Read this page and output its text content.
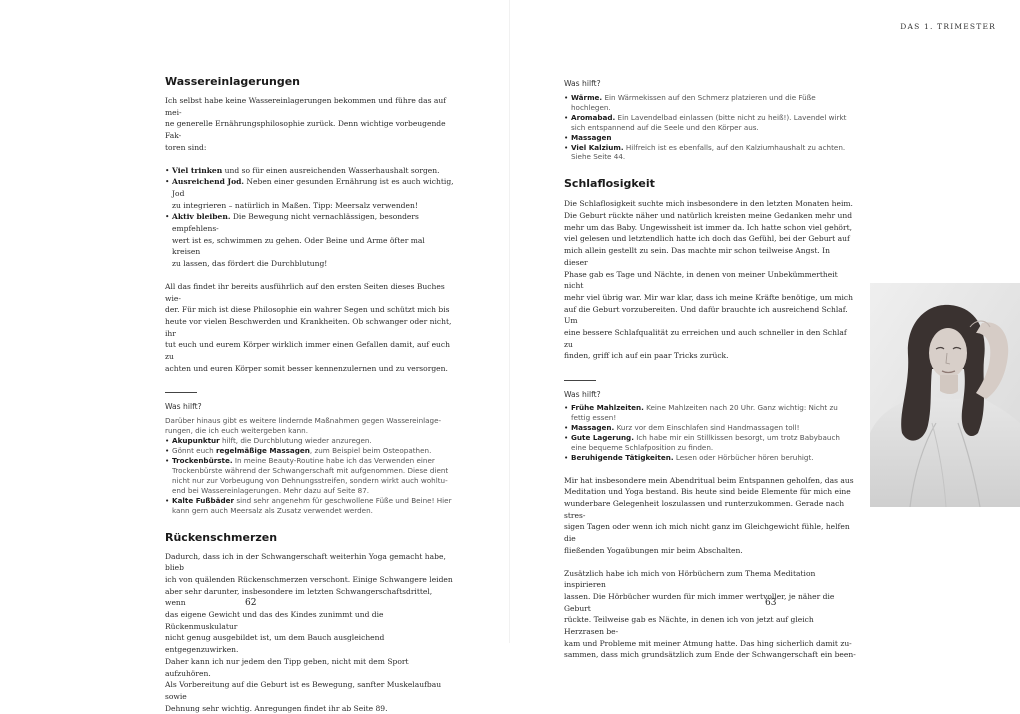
Wassereinlagerungen

Ich selbst habe keine Wassereinlagerungen bekommen und führe das auf mei-
ne generelle Ernährungsphilosophie zurück. Denn wichtige vorbeugende Fak-
toren sind:

• Viel trinken und so für einen ausreichenden Wasserhaushalt sorgen.
• Ausreichend Jod. Neben einer gesunden Ernährung ist es auch wichtig, Jod
zu integrieren – natürlich in Maßen. Tipp: Meersalz verwenden!
• Aktiv bleiben. Die Bewegung nicht vernachlässigen, besonders empfehlens-
wert ist es, schwimmen zu gehen. Oder Beine und Arme öfter mal kreisen
zu lassen, das fördert die Durchblutung!

All das findet ihr bereits ausführlich auf den ersten Seiten dieses Buches wie-
der. Für mich ist diese Philosophie ein wahrer Segen und schützt mich bis
heute vor vielen Beschwerden und Krankheiten. Ob schwanger oder nicht, ihr
tut euch und eurem Körper wirklich immer einen Gefallen damit, auf euch zu
achten und euren Körper somit besser kennenzulernen und zu versorgen.

Was hilft?

Darüber hinaus gibt es weitere lindernde Maßnahmen gegen Wassereinlage-
rungen, die ich euch weitergeben kann.

• Akupunktur hilft, die Durchblutung wieder anzuregen.
• Gönnt euch regelmäßige Massagen, zum Beispiel beim Osteopathen.
• Trockenbürste. In meine Beauty-Routine habe ich das Verwenden einer
Trockenbürste während der Schwangerschaft mit aufgenommen. Diese dient
nicht nur zur Vorbeugung von Dehnungsstreifen, sondern wirkt auch wohltu-
end bei Wassereinlagerungen. Mehr dazu auf Seite 87.
• Kalte Fußbäder sind sehr angenehm für geschwollene Füße und Beine! Hier
kann gern auch Meersalz als Zusatz verwendet werden.
Rückenschmerzen

Dadurch, dass ich in der Schwangerschaft weiterhin Yoga gemacht habe, blieb
ich von quälenden Rückenschmerzen verschont. Einige Schwangere leiden
aber sehr darunter, insbesondere im letzten Schwangerschaftsdrittel, wenn
das eigene Gewicht und das des Kindes zunimmt und die Rückenmuskulatur
nicht genug ausgebildet ist, um dem Bauch ausgleichend entgegenzuwirken.
Daher kann ich nur jedem den Tipp geben, nicht mit dem Sport aufzuhören.
Als Vorbereitung auf die Geburt ist es Bewegung, sanfter Muskelaufbau sowie
Dehnung sehr wichtig. Anregungen findet ihr ab Seite 89.

62
DAS 1. TRIMESTER

Was hilft?

• Wärme. Ein Wärmekissen auf den Schmerz platzieren und die Füße
hochlegen.
• Aromabad. Ein Lavendelbad einlassen (bitte nicht zu heiß!). Lavendel wirkt
sich entspannend auf die Seele und den Körper aus.
• Massagen
• Viel Kalzium. Hilfreich ist es ebenfalls, auf den Kalziumhaushalt zu achten.
Siehe Seite 44.
Schlaflosigkeit

Die Schlaflosigkeit suchte mich insbesondere in den letzten Monaten heim.
Die Geburt rückte näher und natürlich kreisten meine Gedanken mehr und
mehr um das Baby. Ungewissheit ist immer da. Ich hatte schon viel gehört,
viel gelesen und letztendlich hatte ich doch das Gefühl, bei der Geburt auf
mich allein gestellt zu sein. Das machte mir schon teilweise Angst. In dieser
Phase gab es Tage und Nächte, in denen von meiner Unbekümmertheit nicht
mehr viel übrig war. Mir war klar, dass ich meine Kräfte benötige, um mich
auf die Geburt vorzubereiten. Und dafür brauchte ich ausreichend Schlaf. Um
eine bessere Schlafqualität zu erreichen und auch schneller in den Schlaf zu
finden, griff ich auf ein paar Tricks zurück.

Was hilft?

• Frühe Mahlzeiten. Keine Mahlzeiten nach 20 Uhr. Ganz wichtig: Nicht zu
fettig essen!
• Massagen. Kurz vor dem Einschlafen sind Handmassagen toll!
• Gute Lagerung. Ich habe mir ein Stillkissen besorgt, um trotz Babybauch
eine bequeme Schlafposition zu finden.
• Beruhigende Tätigkeiten. Lesen oder Hörbücher hören beruhigt.

Mir hat insbesondere mein Abendritual beim Entspannen geholfen, das aus
Meditation und Yoga bestand. Bis heute sind beide Elemente für mich eine
wunderbare Gelegenheit loszulassen und runterzukommen. Gerade nach stres-
sigen Tagen oder wenn ich mich nicht ganz im Gleichgewicht fühle, helfen die
fließenden Yogaübungen mir beim Abschalten.

Zusätzlich habe ich mich von Hörbüchern zum Thema Meditation inspirieren
lassen. Die Hörbücher wurden für mich immer wertvoller, je näher die Geburt
rückte. Teilweise gab es Nächte, in denen ich von jetzt auf gleich Herzrasen be-
kam und Probleme mit meiner Atmung hatte. Das hing sicherlich damit zu-
sammen, dass mich grundsätzlich zum Ende der Schwangerschaft ein been-

63
